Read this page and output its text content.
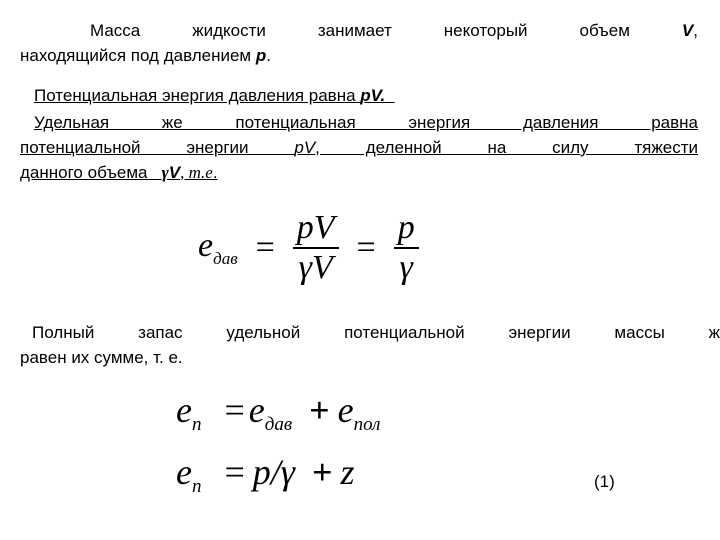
Масса жидкости занимает некоторый объем	V,
находящийся под давлением p.
Потенциальная энергия давления равна pV.
Удельная же потенциальная энергия давления равна
потенциальной энергии	pV, деленной на силу тяжести
данного объема γV, т.е.
$e_{дав} = \frac{pV}{\gamma V} = \frac{p}{\gamma}$
Полный запас удельной потенциальной энергии массы ж
равен их сумме, т. е.
$e_п = e_{дав} + e_{пол}$
$e_п = p/\gamma + z$	(1)
